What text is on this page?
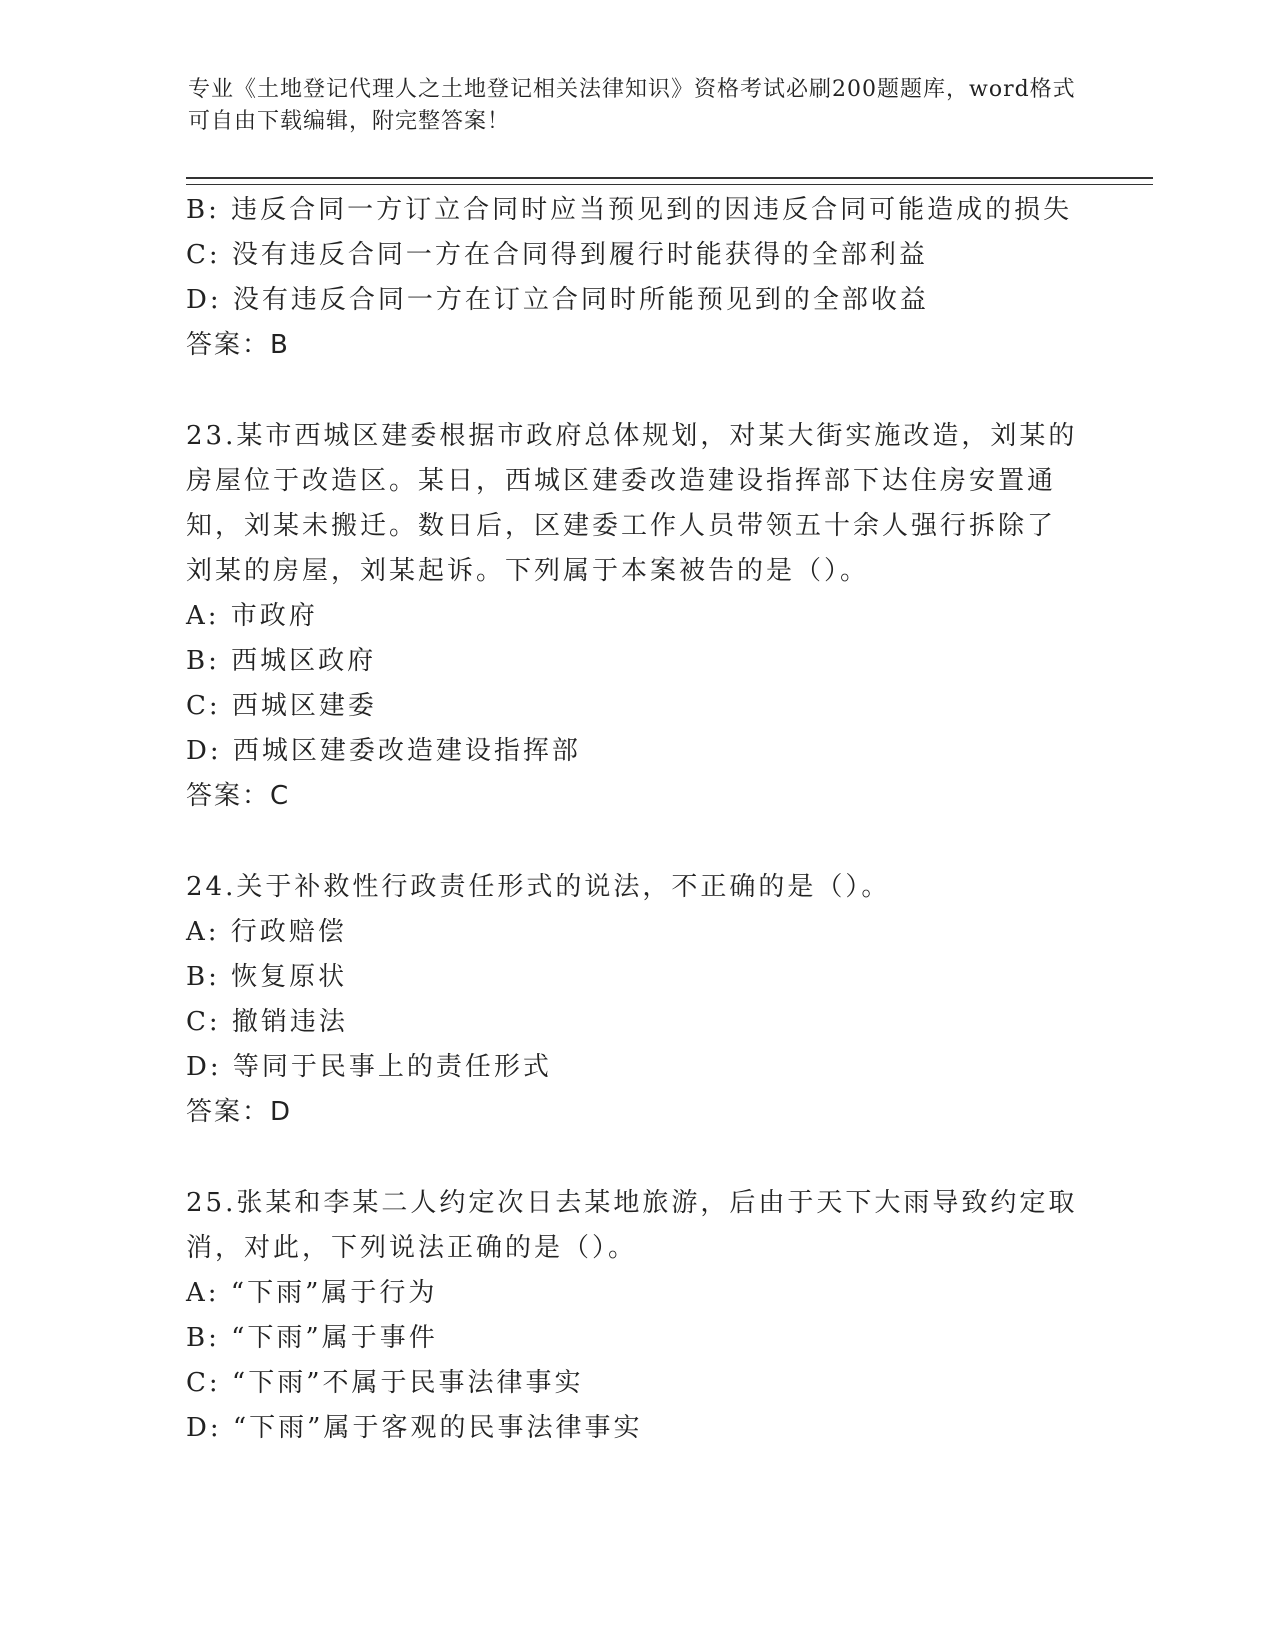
专业《土地登记代理人之土地登记相关法律知识》资格考试必刷200题题库，word格式可自由下载编辑，附完整答案！
B: 违反合同一方订立合同时应当预见到的因违反合同可能造成的损失
C: 没有违反合同一方在合同得到履行时能获得的全部利益
D: 没有违反合同一方在订立合同时所能预见到的全部收益
答案：B
23.某市西城区建委根据市政府总体规划，对某大街实施改造，刘某的
房屋位于改造区。某日，西城区建委改造建设指挥部下达住房安置通
知，刘某未搬迁。数日后，区建委工作人员带领五十余人强行拆除了
刘某的房屋，刘某起诉。下列属于本案被告的是（）。
A: 市政府
B: 西城区政府
C: 西城区建委
D: 西城区建委改造建设指挥部
答案：C
24.关于补救性行政责任形式的说法，不正确的是（）。
A: 行政赔偿
B: 恢复原状
C: 撤销违法
D: 等同于民事上的责任形式
答案：D
25.张某和李某二人约定次日去某地旅游，后由于天下大雨导致约定取
消，对此，下列说法正确的是（）。
A: “下雨”属于行为
B: “下雨”属于事件
C: “下雨”不属于民事法律事实
D: “下雨”属于客观的民事法律事实
